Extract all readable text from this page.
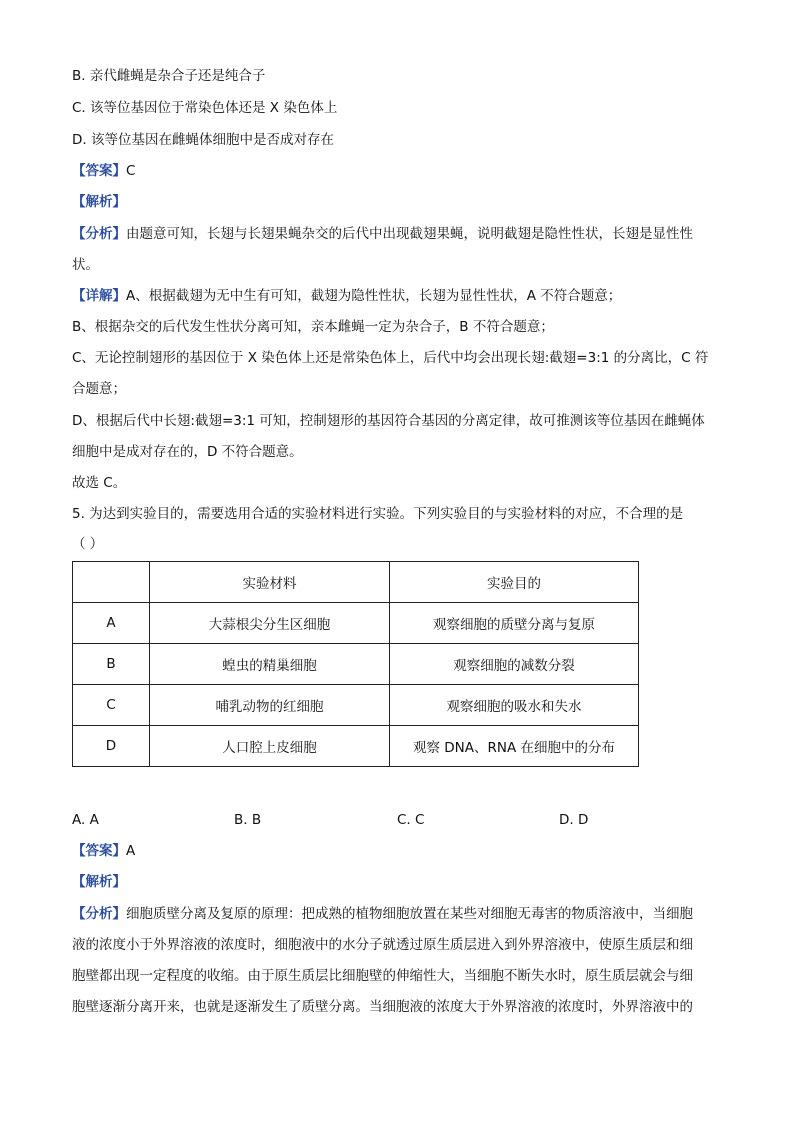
B. 亲代雌蝇是杂合子还是纯合子
C. 该等位基因位于常染色体还是 X 染色体上
D. 该等位基因在雌蝇体细胞中是否成对存在
【答案】C
【解析】
【分析】由题意可知，长翅与长翅果蝇杂交的后代中出现截翅果蝇，说明截翅是隐性性状，长翅是显性性
状。
【详解】A、根据截翅为无中生有可知，截翅为隐性性状，长翅为显性性状，A 不符合题意；
B、根据杂交的后代发生性状分离可知，亲本雌蝇一定为杂合子，B 不符合题意；
C、无论控制翅形的基因位于 X 染色体上还是常染色体上，后代中均会出现长翅:截翅=3:1 的分离比，C 符
合题意；
D、根据后代中长翅:截翅=3:1 可知，控制翅形的基因符合基因的分离定律，故可推测该等位基因在雌蝇体
细胞中是成对存在的，D 不符合题意。
故选 C。
5. 为达到实验目的，需要选用合适的实验材料进行实验。下列实验目的与实验材料的对应，不合理的是
（ ）
	实验材料	实验目的
A	大蒜根尖分生区细胞	观察细胞的质壁分离与复原
B	蝗虫的精巢细胞	观察细胞的减数分裂
C	哺乳动物的红细胞	观察细胞的吸水和失水
D	人口腔上皮细胞	观察 DNA、RNA 在细胞中的分布
A. A	B. B	C. C	D. D
【答案】A
【解析】
【分析】细胞质壁分离及复原的原理：把成熟的植物细胞放置在某些对细胞无毒害的物质溶液中，当细胞
液的浓度小于外界溶液的浓度时，细胞液中的水分子就透过原生质层进入到外界溶液中，使原生质层和细
胞壁都出现一定程度的收缩。由于原生质层比细胞壁的伸缩性大，当细胞不断失水时，原生质层就会与细
胞壁逐渐分离开来，也就是逐渐发生了质壁分离。当细胞液的浓度大于外界溶液的浓度时，外界溶液中的
